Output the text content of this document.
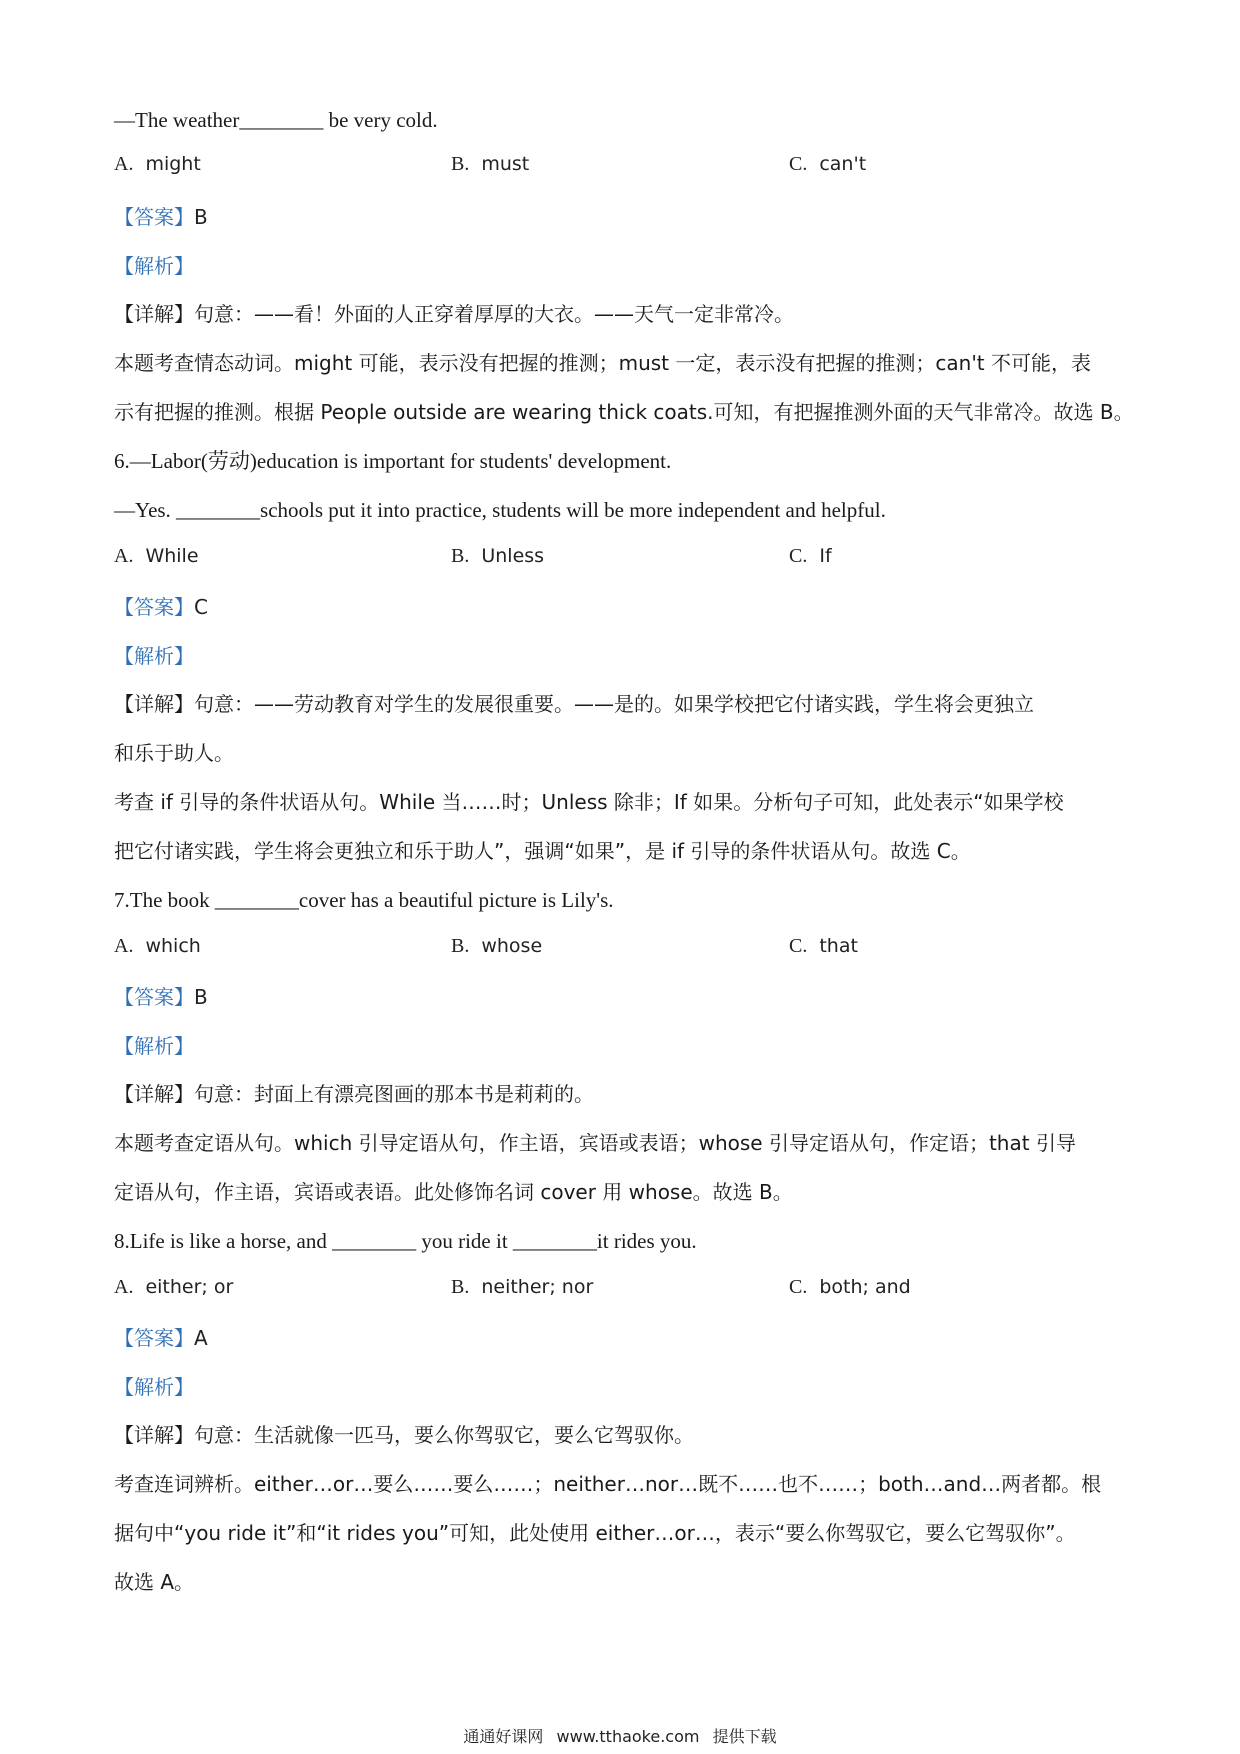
—The weather________ be very cold.
A. might	B. must	C. can't
【答案】B
【解析】
【详解】句意：——看！外面的人正穿着厚厚的大衣。——天气一定非常冷。
本题考查情态动词。might 可能，表示没有把握的推测；must 一定，表示没有把握的推测；can't 不可能，表
示有把握的推测。根据 People outside are wearing thick coats.可知，有把握推测外面的天气非常冷。故选 B。
6.—Labor(劳动)education is important for students' development.
—Yes. ________schools put it into practice, students will be more independent and helpful.
A. While	B. Unless	C. If
【答案】C
【解析】
【详解】句意：——劳动教育对学生的发展很重要。——是的。如果学校把它付诸实践，学生将会更独立
和乐于助人。
考查 if 引导的条件状语从句。While 当……时；Unless 除非；If 如果。分析句子可知，此处表示“如果学校
把它付诸实践，学生将会更独立和乐于助人”，强调“如果”，是 if 引导的条件状语从句。故选 C。
7.The book ________cover has a beautiful picture is Lily's.
A. which	B. whose	C. that
【答案】B
【解析】
【详解】句意：封面上有漂亮图画的那本书是莉莉的。
本题考查定语从句。which 引导定语从句，作主语，宾语或表语；whose 引导定语从句，作定语；that 引导
定语从句，作主语，宾语或表语。此处修饰名词 cover 用 whose。故选 B。
8.Life is like a horse, and ________ you ride it ________it rides you.
A. either; or	B. neither; nor	C. both; and
【答案】A
【解析】
【详解】句意：生活就像一匹马，要么你驾驭它，要么它驾驭你。
考查连词辨析。either…or…要么……要么……；neither…nor…既不……也不……；both…and…两者都。根
据句中“you ride it”和“it rides you”可知，此处使用 either…or…，表示“要么你驾驭它，要么它驾驭你”。
故选 A。
通通好课网 www.tthaoke.com 提供下载
